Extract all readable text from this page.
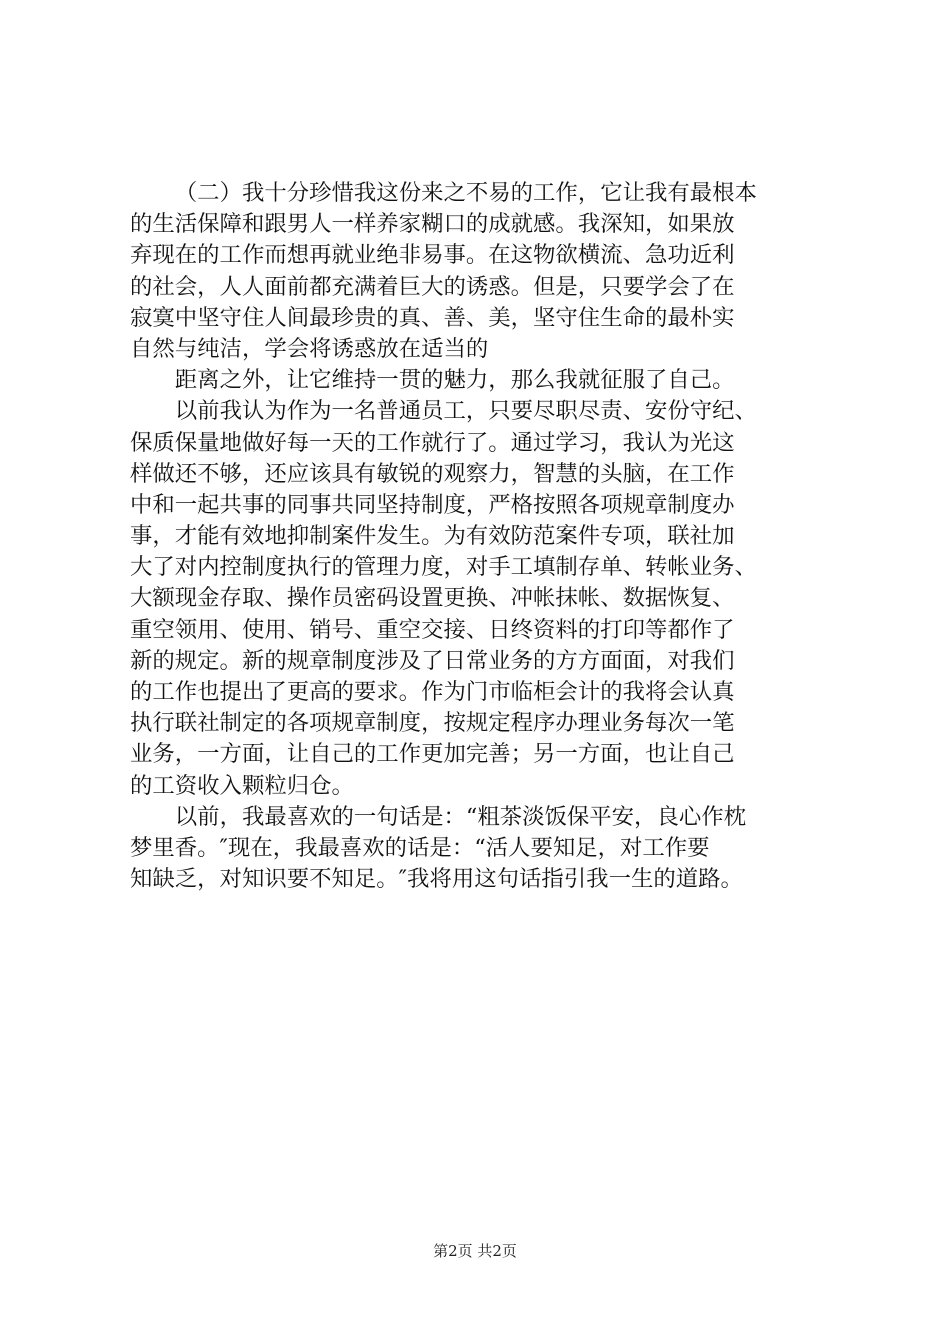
（二）我十分珍惜我这份来之不易的工作，它让我有最根本
的生活保障和跟男人一样养家糊口的成就感。我深知，如果放
弃现在的工作而想再就业绝非易事。在这物欲横流、急功近利
的社会，人人面前都充满着巨大的诱惑。但是，只要学会了在
寂寞中坚守住人间最珍贵的真、善、美，坚守住生命的最朴实
自然与纯洁，学会将诱惑放在适当的
距离之外，让它维持一贯的魅力，那么我就征服了自己。
以前我认为作为一名普通员工，只要尽职尽责、安份守纪、
保质保量地做好每一天的工作就行了。通过学习，我认为光这
样做还不够，还应该具有敏锐的观察力，智慧的头脑，在工作
中和一起共事的同事共同坚持制度，严格按照各项规章制度办
事，才能有效地抑制案件发生。为有效防范案件专项，联社加
大了对内控制度执行的管理力度，对手工填制存单、转帐业务、
大额现金存取、操作员密码设置更换、冲帐抹帐、数据恢复、
重空领用、使用、销号、重空交接、日终资料的打印等都作了
新的规定。新的规章制度涉及了日常业务的方方面面，对我们
的工作也提出了更高的要求。作为门市临柜会计的我将会认真
执行联社制定的各项规章制度，按规定程序办理业务每次一笔
业务，一方面，让自己的工作更加完善；另一方面，也让自己
的工资收入颗粒归仓。
以前，我最喜欢的一句话是：“粗茶淡饭保平安，良心作枕
梦里香。″现在，我最喜欢的话是：“活人要知足，对工作要
知缺乏，对知识要不知足。″我将用这句话指引我一生的道路。
第2页 共2页
